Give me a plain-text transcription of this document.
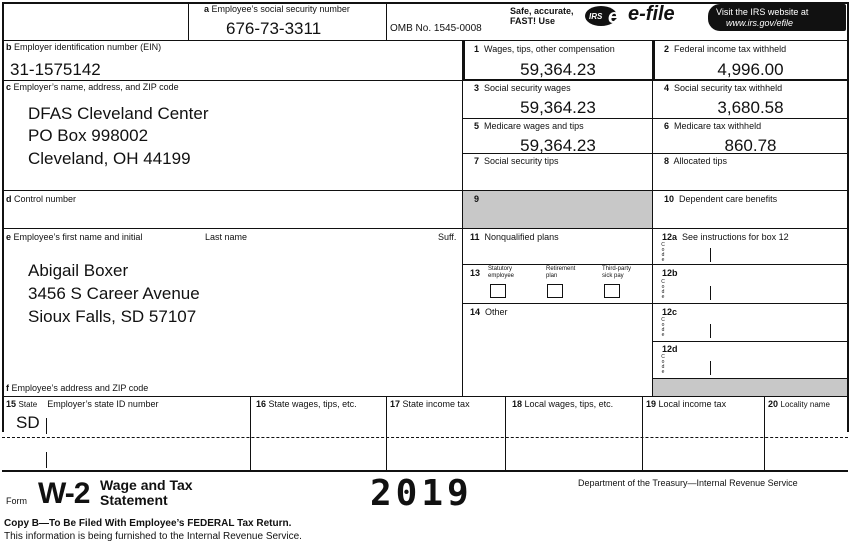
a Employee’s social security number
676-73-3311	OMB No. 1545-0008
Safe, accurate,
FAST! Use	IRS e e-file	Visit the IRS website at
www.irs.gov/efile
b Employer identification number (EIN)
31-1575142
c Employer’s name, address, and ZIP code
DFAS Cleveland Center
PO Box 998002
Cleveland, OH 44199
d Control number
e Employee’s first name and initial	Last name	Suff.
Abigail Boxer
3456 S Career Avenue
Sioux Falls, SD 57107
f Employee’s address and ZIP code
1 Wages, tips, other compensation
59,364.23
2 Federal income tax withheld
4,996.00
3 Social security wages
59,364.23
4 Social security tax withheld
3,680.58
5 Medicare wages and tips
59,364.23
6 Medicare tax withheld
860.78
7 Social security tips	8 Allocated tips
9	10 Dependent care benefits
11 Nonqualified plans	12a See instructions for box 12
C
o
d
e
12b
C
o
d
e
12c
C
o
d
e
12d
C
o
d
e
13 Statutory
employee
Retirement
plan
Third-party
sick pay
14 Other
15 State Employer’s state ID number
SD
16 State wages, tips, etc.	17 State income tax	18 Local wages, tips, etc.	19 Local income tax	20 Locality name
Form W-2 Wage and Tax
Statement	2019	Department of the Treasury—Internal Revenue Service
Copy B—To Be Filed With Employee’s FEDERAL Tax Return.
This information is being furnished to the Internal Revenue Service.
